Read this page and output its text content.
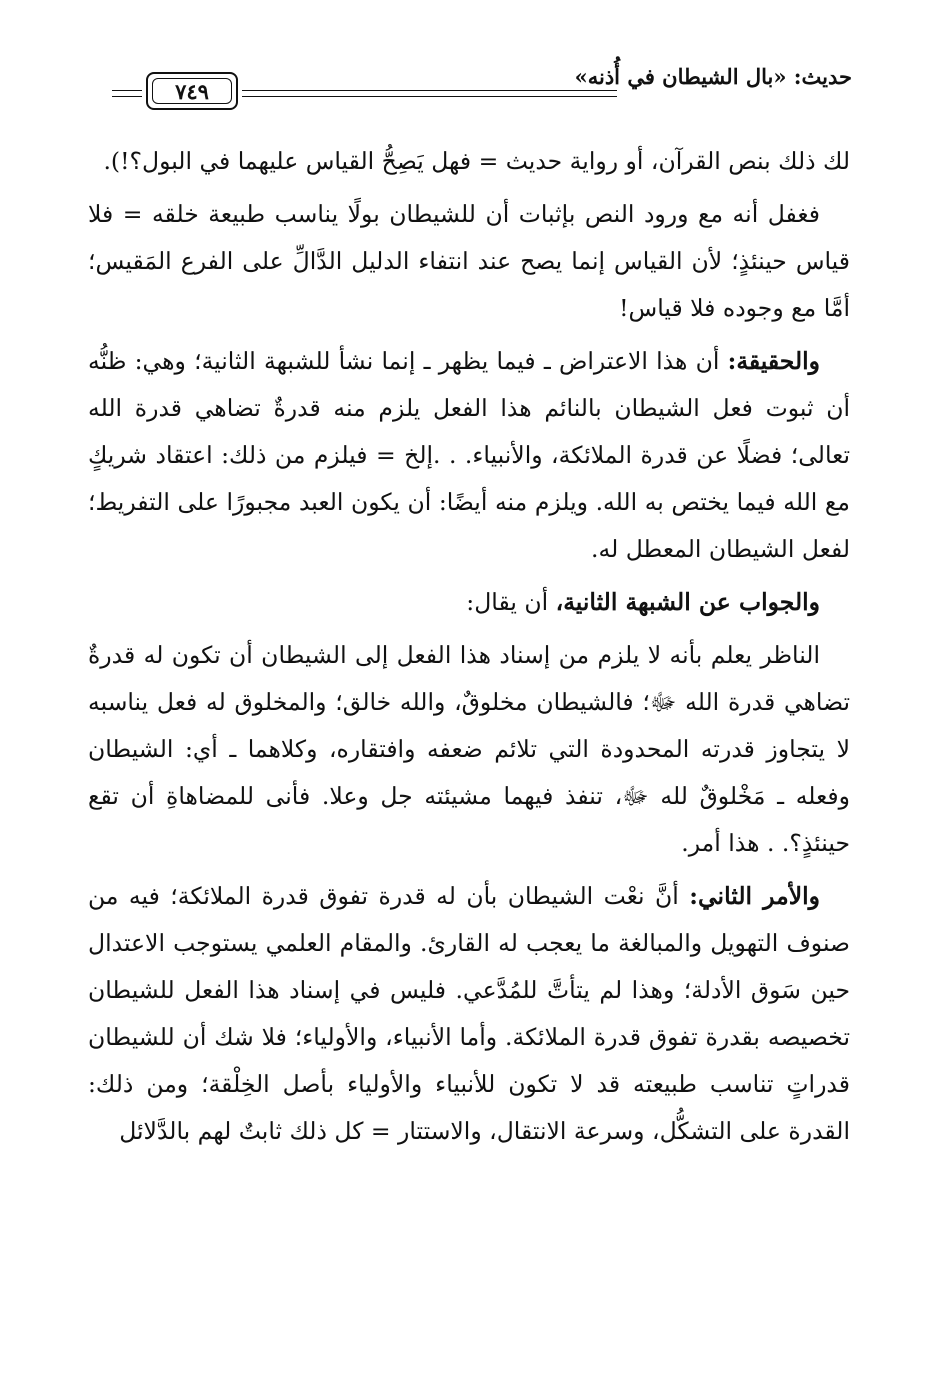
حديث: «بال الشيطان في أُذنه»
٧٤٩

لك ذلك بنص القرآن، أو رواية حديث = فهل يَصِحُّ القياس عليهما في البول؟!).

فغفل أنه مع ورود النص بإثبات أن للشيطان بولًا يناسب طبيعة خلقه = فلا قياس حينئذٍ؛ لأن القياس إنما يصح عند انتفاء الدليل الدَّالِّ على الفرع المَقيس؛ أمَّا مع وجوده فلا قياس!

والحقيقة: أن هذا الاعتراض ـ فيما يظهر ـ إنما نشأ للشبهة الثانية؛ وهي: ظنُّه أن ثبوت فعل الشيطان بالنائم هذا الفعل يلزم منه قدرةٌ تضاهي قدرة الله تعالى؛ فضلًا عن قدرة الملائكة، والأنبياء. . .إلخ = فيلزم من ذلك: اعتقاد شريكٍ مع الله فيما يختص به الله. ويلزم منه أيضًا: أن يكون العبد مجبورًا على التفريط؛ لفعل الشيطان المعطل له.

والجواب عن الشبهة الثانية، أن يقال:

الناظر يعلم بأنه لا يلزم من إسناد هذا الفعل إلى الشيطان أن تكون له قدرةٌ تضاهي قدرة الله ﷻ؛ فالشيطان مخلوقٌ، والله خالق؛ والمخلوق له فعل يناسبه لا يتجاوز قدرته المحدودة التي تلائم ضعفه وافتقاره، وكلاهما ـ أي: الشيطان وفعله ـ مَخْلوقٌ لله ﷻ، تنفذ فيهما مشيئته جل وعلا. فأنى للمضاهاةِ أن تقع حينئذٍ؟. . هذا أمر.

والأمر الثاني: أنَّ نعْت الشيطان بأن له قدرة تفوق قدرة الملائكة؛ فيه من صنوف التهويل والمبالغة ما يعجب له القارئ. والمقام العلمي يستوجب الاعتدال حين سَوق الأدلة؛ وهذا لم يتأتَّ للمُدَّعي. فليس في إسناد هذا الفعل للشيطان تخصيصه بقدرة تفوق قدرة الملائكة. وأما الأنبياء، والأولياء؛ فلا شك أن للشيطان قدراتٍ تناسب طبيعته قد لا تكون للأنبياء والأولياء بأصل الخِلْقة؛ ومن ذلك: القدرة على التشكُّل، وسرعة الانتقال، والاستتار = كل ذلك ثابتٌ لهم بالدَّلائل
